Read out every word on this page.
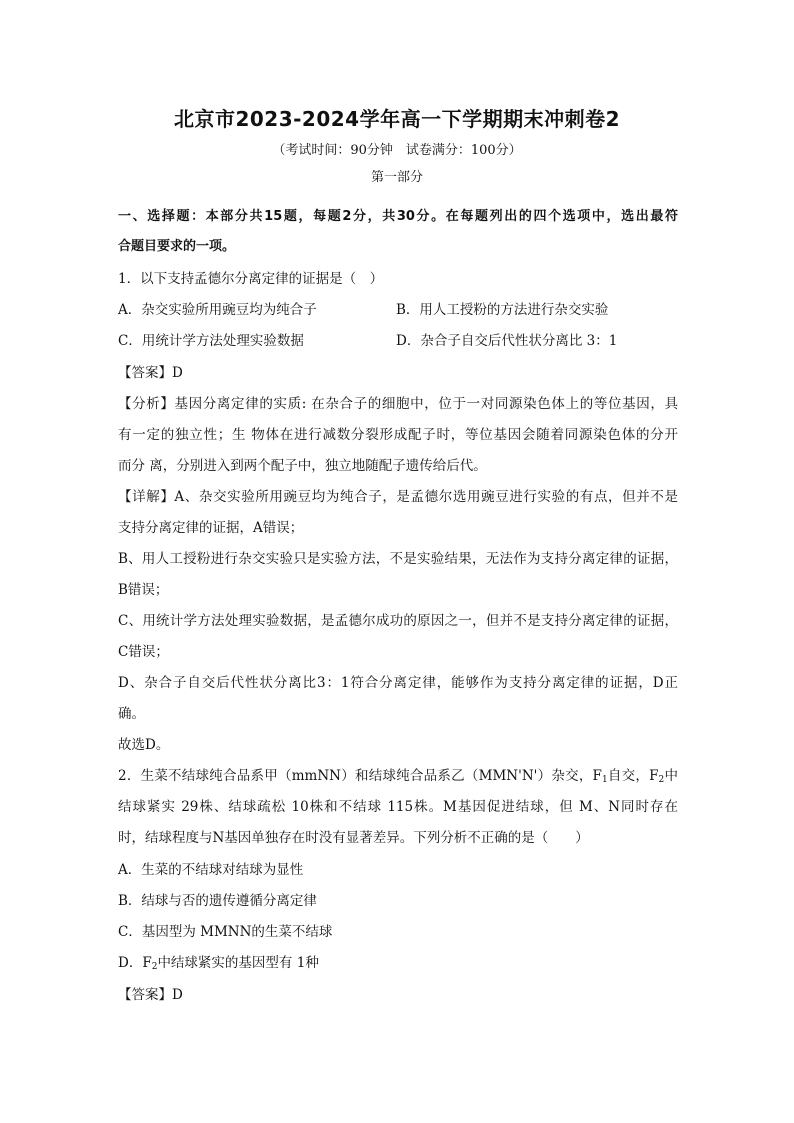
北京市2023-2024学年高一下学期期末冲刺卷2
（考试时间：90分钟　试卷满分：100分）
第一部分
一、选择题：本部分共15题，每题2分，共30分。在每题列出的四个选项中，选出最符
合题目要求的一项。
1．以下支持孟德尔分离定律的证据是（　）
A．杂交实验所用豌豆均为纯合子	B．用人工授粉的方法进行杂交实验
C．用统计学方法处理实验数据	D．杂合子自交后代性状分离比 3：1
【答案】D
【分析】基因分离定律的实质: 在杂合子的细胞中，位于一对同源染色体上的等位基因，具
有一定的独立性；生 物体在进行减数分裂形成配子时，等位基因会随着同源染色体的分开
而分 离，分别进入到两个配子中，独立地随配子遗传给后代。
【详解】A、杂交实验所用豌豆均为纯合子，是孟德尔选用豌豆进行实验的有点，但并不是
支持分离定律的证据，A错误；
B、用人工授粉进行杂交实验只是实验方法，不是实验结果，无法作为支持分离定律的证据，
B错误；
C、用统计学方法处理实验数据，是孟德尔成功的原因之一，但并不是支持分离定律的证据，
C错误；
D、杂合子自交后代性状分离比3：1符合分离定律，能够作为支持分离定律的证据，D正
确。
故选D。
2．生菜不结球纯合品系甲（mmNN）和结球纯合品系乙（MMN'N'）杂交，$F_1$自交，$F_2$中
结球紧实 29株、结球疏松 10株和不结球 115株。M基因促进结球，但 M、N同时存在
时，结球程度与N基因单独存在时没有显著差异。下列分析不正确的是（　　）
A．生菜的不结球对结球为显性
B．结球与否的遗传遵循分离定律
C．基因型为 MMNN的生菜不结球
D．$F_2$中结球紧实的基因型有 1种
【答案】D
